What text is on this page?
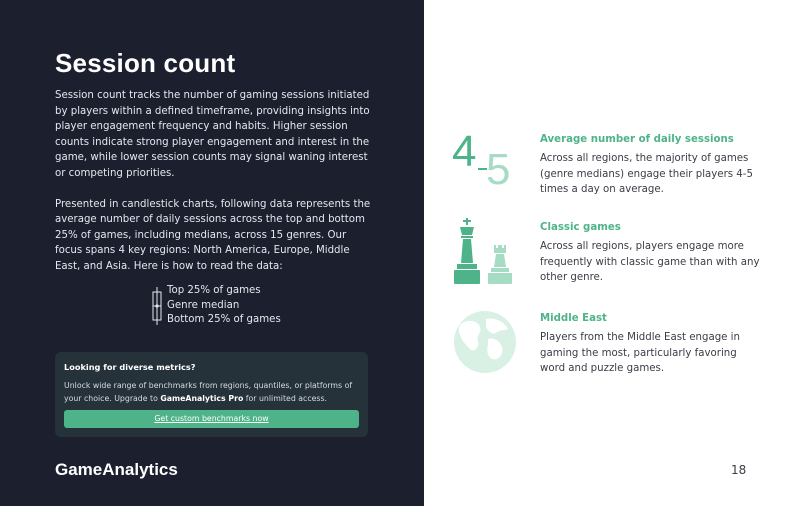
Session count

Session count tracks the number of gaming sessions initiated by players within a defined timeframe, providing insights into player engagement frequency and habits. Higher session counts indicate strong player engagement and interest in the game, while lower session counts may signal waning interest or competing priorities.

Presented in candlestick charts, following data represents the average number of daily sessions across the top and bottom 25% of games, including medians, across 15 genres. Our focus spans 4 key regions: North America, Europe, Middle East, and Asia. Here is how to read the data:

Top 25% of games
Genre median
Bottom 25% of games
Looking for diverse metrics?
Unlock wide range of benchmarks from regions, quantiles, or platforms of your choice. Upgrade to GameAnalytics Pro for unlimited access.
Get custom benchmarks now
GameAnalytics
4 5
Average number of daily sessions
Across all regions, the majority of games (genre medians) engage their players 4-5 times a day on average.
Classic games
Across all regions, players engage more frequently with classic game than with any other genre.
Middle East
Players from the Middle East engage in gaming the most, particularly favoring word and puzzle games.
18
